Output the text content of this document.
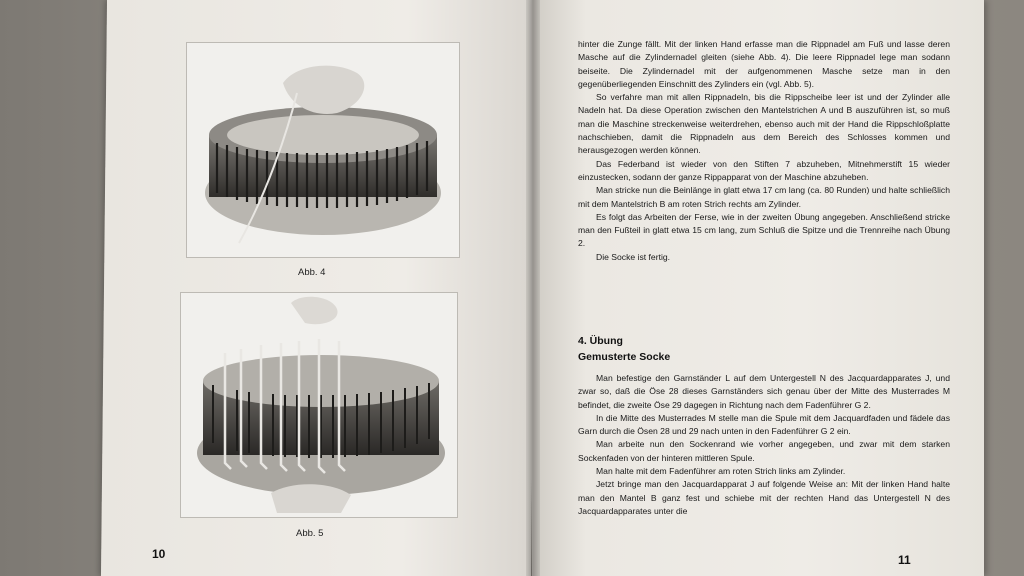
Abb. 4
Abb. 5
10

hinter die Zunge fällt. Mit der linken Hand erfasse man die Rippnadel am Fuß und lasse deren Masche auf die Zylindernadel gleiten (siehe Abb. 4). Die leere Rippnadel lege man sodann beiseite. Die Zylindernadel mit der aufgenommenen Masche setze man in den gegenüberliegenden Einschnitt des Zylinders ein (vgl. Abb. 5).

So verfahre man mit allen Rippnadeln, bis die Rippscheibe leer ist und der Zylinder alle Nadeln hat. Da diese Operation zwischen den Mantelstrichen A und B auszuführen ist, so muß man die Maschine streckenweise weiterdrehen, ebenso auch mit der Hand die Rippschloßplatte nachschieben, damit die Rippnadeln aus dem Bereich des Schlosses kommen und herausgezogen werden können.

Das Federband ist wieder von den Stiften 7 abzuheben, Mitnehmerstift 15 wieder einzustecken, sodann der ganze Rippapparat von der Maschine abzuheben.

Man stricke nun die Beinlänge in glatt etwa 17 cm lang (ca. 80 Runden) und halte schließlich mit dem Mantelstrich B am roten Strich rechts am Zylinder.

Es folgt das Arbeiten der Ferse, wie in der zweiten Übung angegeben. Anschließend stricke man den Fußteil in glatt etwa 15 cm lang, zum Schluß die Spitze und die Trennreihe nach Übung 2.

Die Socke ist fertig.

4. Übung
Gemusterte Socke

Man befestige den Garnständer L auf dem Untergestell N des Jacquardapparates J, und zwar so, daß die Öse 28 dieses Garnständers sich genau über der Mitte des Musterrades M befindet, die zweite Öse 29 dagegen in Richtung nach dem Fadenführer G 2.

In die Mitte des Musterrades M stelle man die Spule mit dem Jacquardfaden und fädele das Garn durch die Ösen 28 und 29 nach unten in den Fadenführer G 2 ein.

Man arbeite nun den Sockenrand wie vorher angegeben, und zwar mit dem starken Sockenfaden von der hinteren mittleren Spule.

Man halte mit dem Fadenführer am roten Strich links am Zylinder.

Jetzt bringe man den Jacquardapparat J auf folgende Weise an: Mit der linken Hand halte man den Mantel B ganz fest und schiebe mit der rechten Hand das Untergestell N des Jacquardapparates unter die

11
